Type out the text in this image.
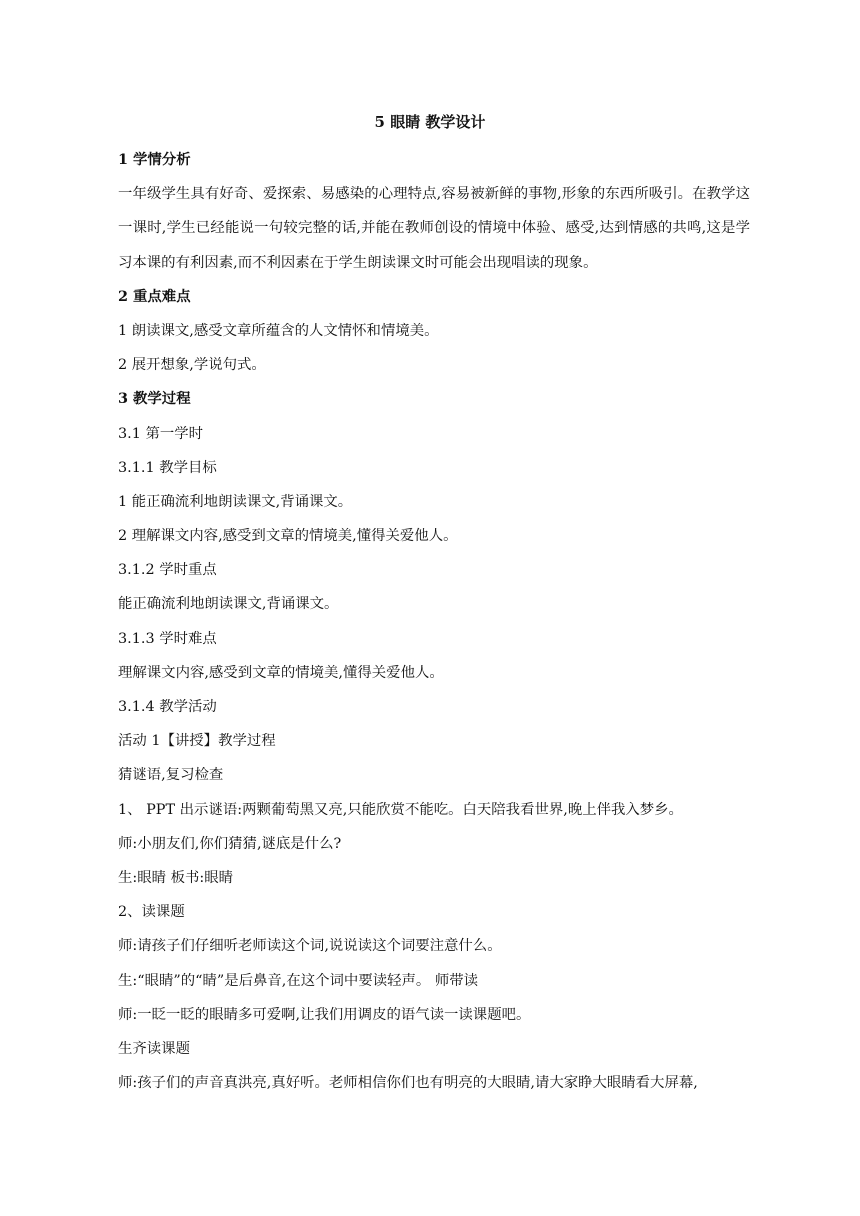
5 眼睛 教学设计
1 学情分析
一年级学生具有好奇、爱探索、易感染的心理特点,容易被新鲜的事物,形象的东西所吸引。在教学这一课时,学生已经能说一句较完整的话,并能在教师创设的情境中体验、感受,达到情感的共鸣,这是学习本课的有利因素,而不利因素在于学生朗读课文时可能会出现唱读的现象。
2 重点难点
1 朗读课文,感受文章所蕴含的人文情怀和情境美。
2 展开想象,学说句式。
3 教学过程
3.1 第一学时
3.1.1 教学目标
1 能正确流利地朗读课文,背诵课文。
2 理解课文内容,感受到文章的情境美,懂得关爱他人。
3.1.2 学时重点
能正确流利地朗读课文,背诵课文。
3.1.3 学时难点
理解课文内容,感受到文章的情境美,懂得关爱他人。
3.1.4 教学活动
活动 1【讲授】教学过程
猜谜语,复习检查
1、 PPT 出示谜语:两颗葡萄黑又亮,只能欣赏不能吃。白天陪我看世界,晚上伴我入梦乡。
师:小朋友们,你们猜猜,谜底是什么?
生:眼睛 板书:眼睛
2、读课题
师:请孩子们仔细听老师读这个词,说说读这个词要注意什么。
生:“眼睛”的“睛”是后鼻音,在这个词中要读轻声。 师带读
师:一眨一眨的眼睛多可爱啊,让我们用调皮的语气读一读课题吧。
生齐读课题
师:孩子们的声音真洪亮,真好听。老师相信你们也有明亮的大眼睛,请大家睁大眼睛看大屏幕,
